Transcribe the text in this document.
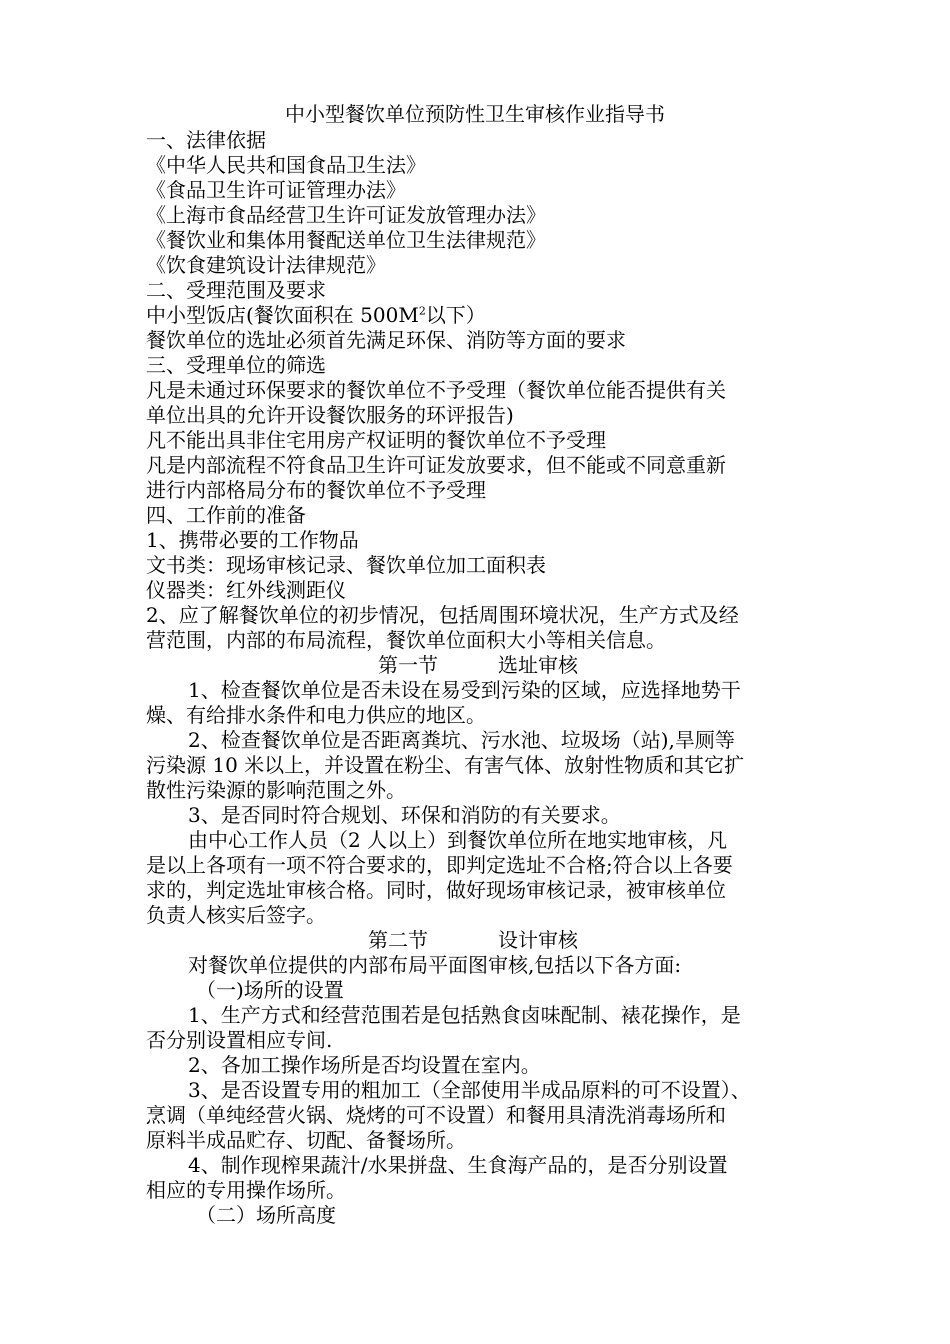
中小型餐饮单位预防性卫生审核作业指导书
一、法律依据
《中华人民共和国食品卫生法》
《食品卫生许可证管理办法》
《上海市食品经营卫生许可证发放管理办法》
《餐饮业和集体用餐配送单位卫生法律规范》
《饮食建筑设计法律规范》
二、受理范围及要求
中小型饭店(餐饮面积在 $500M^2$以下）
餐饮单位的选址必须首先满足环保、消防等方面的要求
三、受理单位的筛选
凡是未通过环保要求的餐饮单位不予受理（餐饮单位能否提供有关
单位出具的允许开设餐饮服务的环评报告)
凡不能出具非住宅用房产权证明的餐饮单位不予受理
凡是内部流程不符食品卫生许可证发放要求，但不能或不同意重新
进行内部格局分布的餐饮单位不予受理
四、工作前的准备
1、携带必要的工作物品
文书类：现场审核记录、餐饮单位加工面积表
仪器类：红外线测距仪
2、应了解餐饮单位的初步情况，包括周围环境状况，生产方式及经
营范围，内部的布局流程，餐饮单位面积大小等相关信息。
第一节	选址审核
1、检查餐饮单位是否未设在易受到污染的区域，应选择地势干
燥、有给排水条件和电力供应的地区。
2、检查餐饮单位是否距离粪坑、污水池、垃圾场（站),旱厕等
污染源 10 米以上，并设置在粉尘、有害气体、放射性物质和其它扩
散性污染源的影响范围之外。
3、是否同时符合规划、环保和消防的有关要求。
由中心工作人员（2 人以上）到餐饮单位所在地实地审核，凡
是以上各项有一项不符合要求的，即判定选址不合格;符合以上各要
求的，判定选址审核合格。同时，做好现场审核记录，被审核单位
负责人核实后签字。
第二节	设计审核
对餐饮单位提供的内部布局平面图审核,包括以下各方面:
（一)场所的设置
1、生产方式和经营范围若是包括熟食卤味配制、裱花操作，是
否分别设置相应专间.
2、各加工操作场所是否均设置在室内。
3、是否设置专用的粗加工（全部使用半成品原料的可不设置）、
烹调（单纯经营火锅、烧烤的可不设置）和餐用具清洗消毒场所和
原料半成品贮存、切配、备餐场所。
4、制作现榨果蔬汁/水果拼盘、生食海产品的，是否分别设置
相应的专用操作场所。
（二）场所高度
